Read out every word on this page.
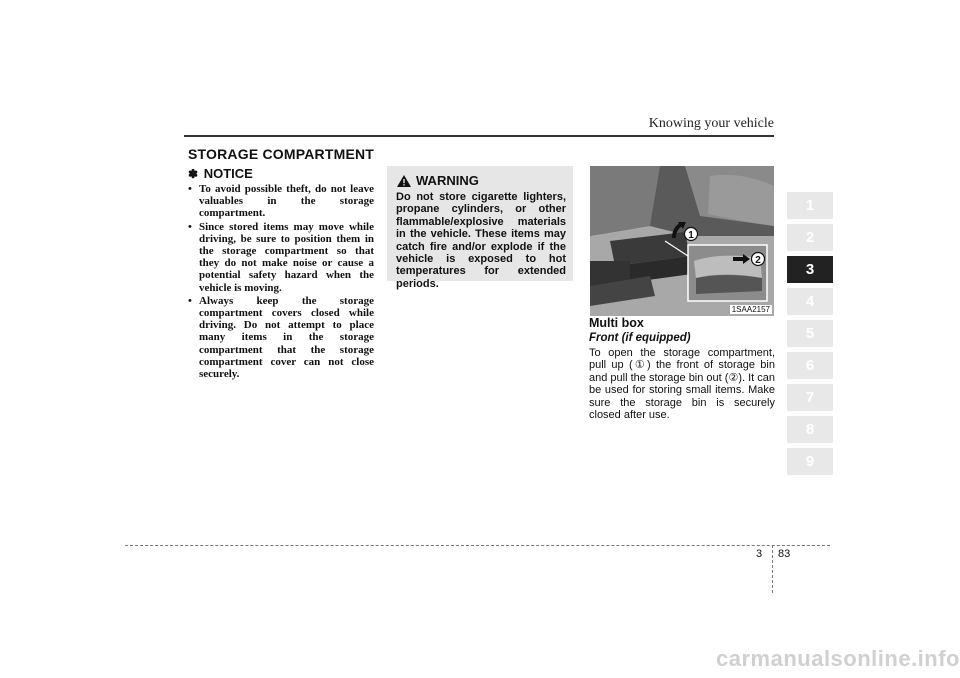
Knowing your vehicle
STORAGE COMPARTMENT
✽ NOTICE
• To avoid possible theft, do not leave valuables in the storage compartment.
• Since stored items may move while driving, be sure to position them in the storage compartment so that they do not make noise or cause a potential safety hazard when the vehicle is moving.
• Always keep the storage compartment covers closed while driving. Do not attempt to place many items in the storage compartment that the storage compartment cover can not close securely.
WARNING
Do not store cigarette lighters, propane cylinders, or other flammable/explosive materials in the vehicle. These items may catch fire and/or explode if the vehicle is exposed to hot temperatures for extended periods.
1
2
1SAA2157
Multi box
Front (if equipped)
To open the storage compartment, pull up (①) the front of storage bin and pull the storage bin out (②). It can be used for storing small items. Make sure the storage bin is securely closed after use.
1
2
3
4
5
6
7
8
9
3 83
carmanualsonline.info
